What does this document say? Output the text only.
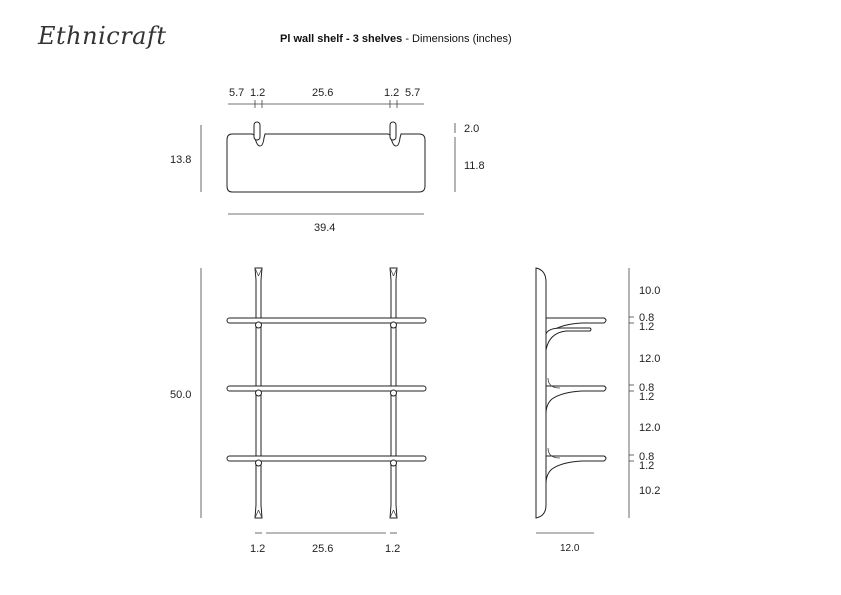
Ethnicraft	Pl wall shelf - 3 shelves - Dimensions (inches)
5.7 1.2	25.6	1.2 5.7
13.8
2.0
11.8
39.4
50.0
1.2	25.6	1.2
10.0
0.8
1.2
12.0
0.8
1.2
12.0
0.8
1.2
10.2
12.0
